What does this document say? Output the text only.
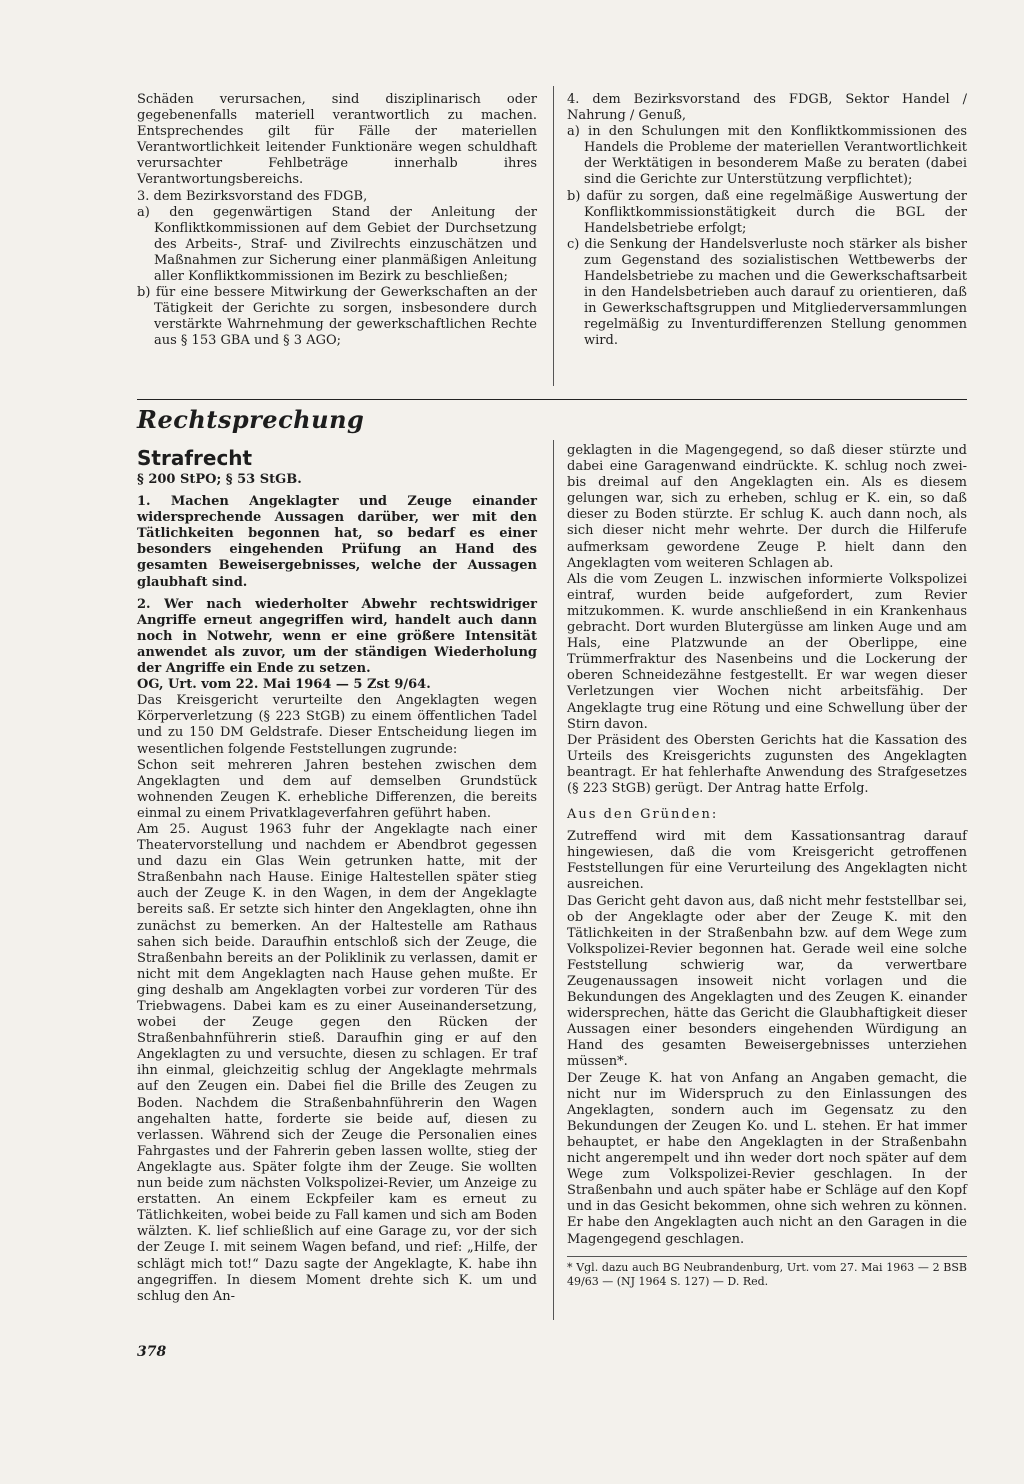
Schäden verursachen, sind disziplinarisch oder gegebenenfalls materiell verantwortlich zu machen. Entsprechendes gilt für Fälle der materiellen Verantwortlichkeit leitender Funktionäre wegen schuldhaft verursachter Fehlbeträge innerhalb ihres Verantwortungsbereichs.

3. dem Bezirksvorstand des FDGB,

a) den gegenwärtigen Stand der Anleitung der Konfliktkommissionen auf dem Gebiet der Durchsetzung des Arbeits-, Straf- und Zivilrechts einzuschätzen und Maßnahmen zur Sicherung einer planmäßigen Anleitung aller Konfliktkommissionen im Bezirk zu beschließen;

b) für eine bessere Mitwirkung der Gewerkschaften an der Tätigkeit der Gerichte zu sorgen, insbesondere durch verstärkte Wahrnehmung der gewerkschaftlichen Rechte aus § 153 GBA und § 3 AGO;

4. dem Bezirksvorstand des FDGB, Sektor Handel / Nahrung / Genuß,

a) in den Schulungen mit den Konfliktkommissionen des Handels die Probleme der materiellen Verantwortlichkeit der Werktätigen in besonderem Maße zu beraten (dabei sind die Gerichte zur Unterstützung verpflichtet);

b) dafür zu sorgen, daß eine regelmäßige Auswertung der Konfliktkommissionstätigkeit durch die BGL der Handelsbetriebe erfolgt;

c) die Senkung der Handelsverluste noch stärker als bisher zum Gegenstand des sozialistischen Wettbewerbs der Handelsbetriebe zu machen und die Gewerkschaftsarbeit in den Handelsbetrieben auch darauf zu orientieren, daß in Gewerkschaftsgruppen und Mitgliederversammlungen regelmäßig zu Inventurdifferenzen Stellung genommen wird.

Rechtsprechung
Strafrecht

§ 200 StPO; § 53 StGB.

1. Machen Angeklagter und Zeuge einander widersprechende Aussagen darüber, wer mit den Tätlichkeiten begonnen hat, so bedarf es einer besonders eingehenden Prüfung an Hand des gesamten Beweisergebnisses, welche der Aussagen glaubhaft sind.

2. Wer nach wiederholter Abwehr rechtswidriger Angriffe erneut angegriffen wird, handelt auch dann noch in Notwehr, wenn er eine größere Intensität anwendet als zuvor, um der ständigen Wiederholung der Angriffe ein Ende zu setzen.

OG, Urt. vom 22. Mai 1964 — 5 Zst 9/64.

Das Kreisgericht verurteilte den Angeklagten wegen Körperverletzung (§ 223 StGB) zu einem öffentlichen Tadel und zu 150 DM Geldstrafe. Dieser Entscheidung liegen im wesentlichen folgende Feststellungen zugrunde:

Schon seit mehreren Jahren bestehen zwischen dem Angeklagten und dem auf demselben Grundstück wohnenden Zeugen K. erhebliche Differenzen, die bereits einmal zu einem Privatklageverfahren geführt haben.

Am 25. August 1963 fuhr der Angeklagte nach einer Theatervorstellung und nachdem er Abendbrot gegessen und dazu ein Glas Wein getrunken hatte, mit der Straßenbahn nach Hause. Einige Haltestellen später stieg auch der Zeuge K. in den Wagen, in dem der Angeklagte bereits saß. Er setzte sich hinter den Angeklagten, ohne ihn zunächst zu bemerken. An der Haltestelle am Rathaus sahen sich beide. Daraufhin entschloß sich der Zeuge, die Straßenbahn bereits an der Poliklinik zu verlassen, damit er nicht mit dem Angeklagten nach Hause gehen mußte. Er ging deshalb am Angeklagten vorbei zur vorderen Tür des Triebwagens. Dabei kam es zu einer Auseinandersetzung, wobei der Zeuge gegen den Rücken der Straßenbahnführerin stieß. Daraufhin ging er auf den Angeklagten zu und versuchte, diesen zu schlagen. Er traf ihn einmal, gleichzeitig schlug der Angeklagte mehrmals auf den Zeugen ein. Dabei fiel die Brille des Zeugen zu Boden. Nachdem die Straßenbahnführerin den Wagen angehalten hatte, forderte sie beide auf, diesen zu verlassen. Während sich der Zeuge die Personalien eines Fahrgastes und der Fahrerin geben lassen wollte, stieg der Angeklagte aus. Später folgte ihm der Zeuge. Sie wollten nun beide zum nächsten Volkspolizei-Revier, um Anzeige zu erstatten. An einem Eckpfeiler kam es erneut zu Tätlichkeiten, wobei beide zu Fall kamen und sich am Boden wälzten. K. lief schließlich auf eine Garage zu, vor der sich der Zeuge I. mit seinem Wagen befand, und rief: „Hilfe, der schlägt mich tot!“ Dazu sagte der Angeklagte, K. habe ihn angegriffen. In diesem Moment drehte sich K. um und schlug den An-

geklagten in die Magengegend, so daß dieser stürzte und dabei eine Garagenwand eindrückte. K. schlug noch zwei- bis dreimal auf den Angeklagten ein. Als es diesem gelungen war, sich zu erheben, schlug er K. ein, so daß dieser zu Boden stürzte. Er schlug K. auch dann noch, als sich dieser nicht mehr wehrte. Der durch die Hilferufe aufmerksam gewordene Zeuge P. hielt dann den Angeklagten vom weiteren Schlagen ab.

Als die vom Zeugen L. inzwischen informierte Volkspolizei eintraf, wurden beide aufgefordert, zum Revier mitzukommen. K. wurde anschließend in ein Krankenhaus gebracht. Dort wurden Blutergüsse am linken Auge und am Hals, eine Platzwunde an der Oberlippe, eine Trümmerfraktur des Nasenbeins und die Lockerung der oberen Schneidezähne festgestellt. Er war wegen dieser Verletzungen vier Wochen nicht arbeitsfähig. Der Angeklagte trug eine Rötung und eine Schwellung über der Stirn davon.

Der Präsident des Obersten Gerichts hat die Kassation des Urteils des Kreisgerichts zugunsten des Angeklagten beantragt. Er hat fehlerhafte Anwendung des Strafgesetzes (§ 223 StGB) gerügt. Der Antrag hatte Erfolg.

Aus den Gründen:

Zutreffend wird mit dem Kassationsantrag darauf hingewiesen, daß die vom Kreisgericht getroffenen Feststellungen für eine Verurteilung des Angeklagten nicht ausreichen.

Das Gericht geht davon aus, daß nicht mehr feststellbar sei, ob der Angeklagte oder aber der Zeuge K. mit den Tätlichkeiten in der Straßenbahn bzw. auf dem Wege zum Volkspolizei-Revier begonnen hat. Gerade weil eine solche Feststellung schwierig war, da verwertbare Zeugenaussagen insoweit nicht vorlagen und die Bekundungen des Angeklagten und des Zeugen K. einander widersprechen, hätte das Gericht die Glaubhaftigkeit dieser Aussagen einer besonders eingehenden Würdigung an Hand des gesamten Beweisergebnisses unterziehen müssen*.

Der Zeuge K. hat von Anfang an Angaben gemacht, die nicht nur im Widerspruch zu den Einlassungen des Angeklagten, sondern auch im Gegensatz zu den Bekundungen der Zeugen Ko. und L. stehen. Er hat immer behauptet, er habe den Angeklagten in der Straßenbahn nicht angerempelt und ihn weder dort noch später auf dem Wege zum Volkspolizei-Revier geschlagen. In der Straßenbahn und auch später habe er Schläge auf den Kopf und in das Gesicht bekommen, ohne sich wehren zu können. Er habe den Angeklagten auch nicht an den Garagen in die Magengegend geschlagen.

* Vgl. dazu auch BG Neubrandenburg, Urt. vom 27. Mai 1963 — 2 BSB 49/63 — (NJ 1964 S. 127) — D. Red.

378
